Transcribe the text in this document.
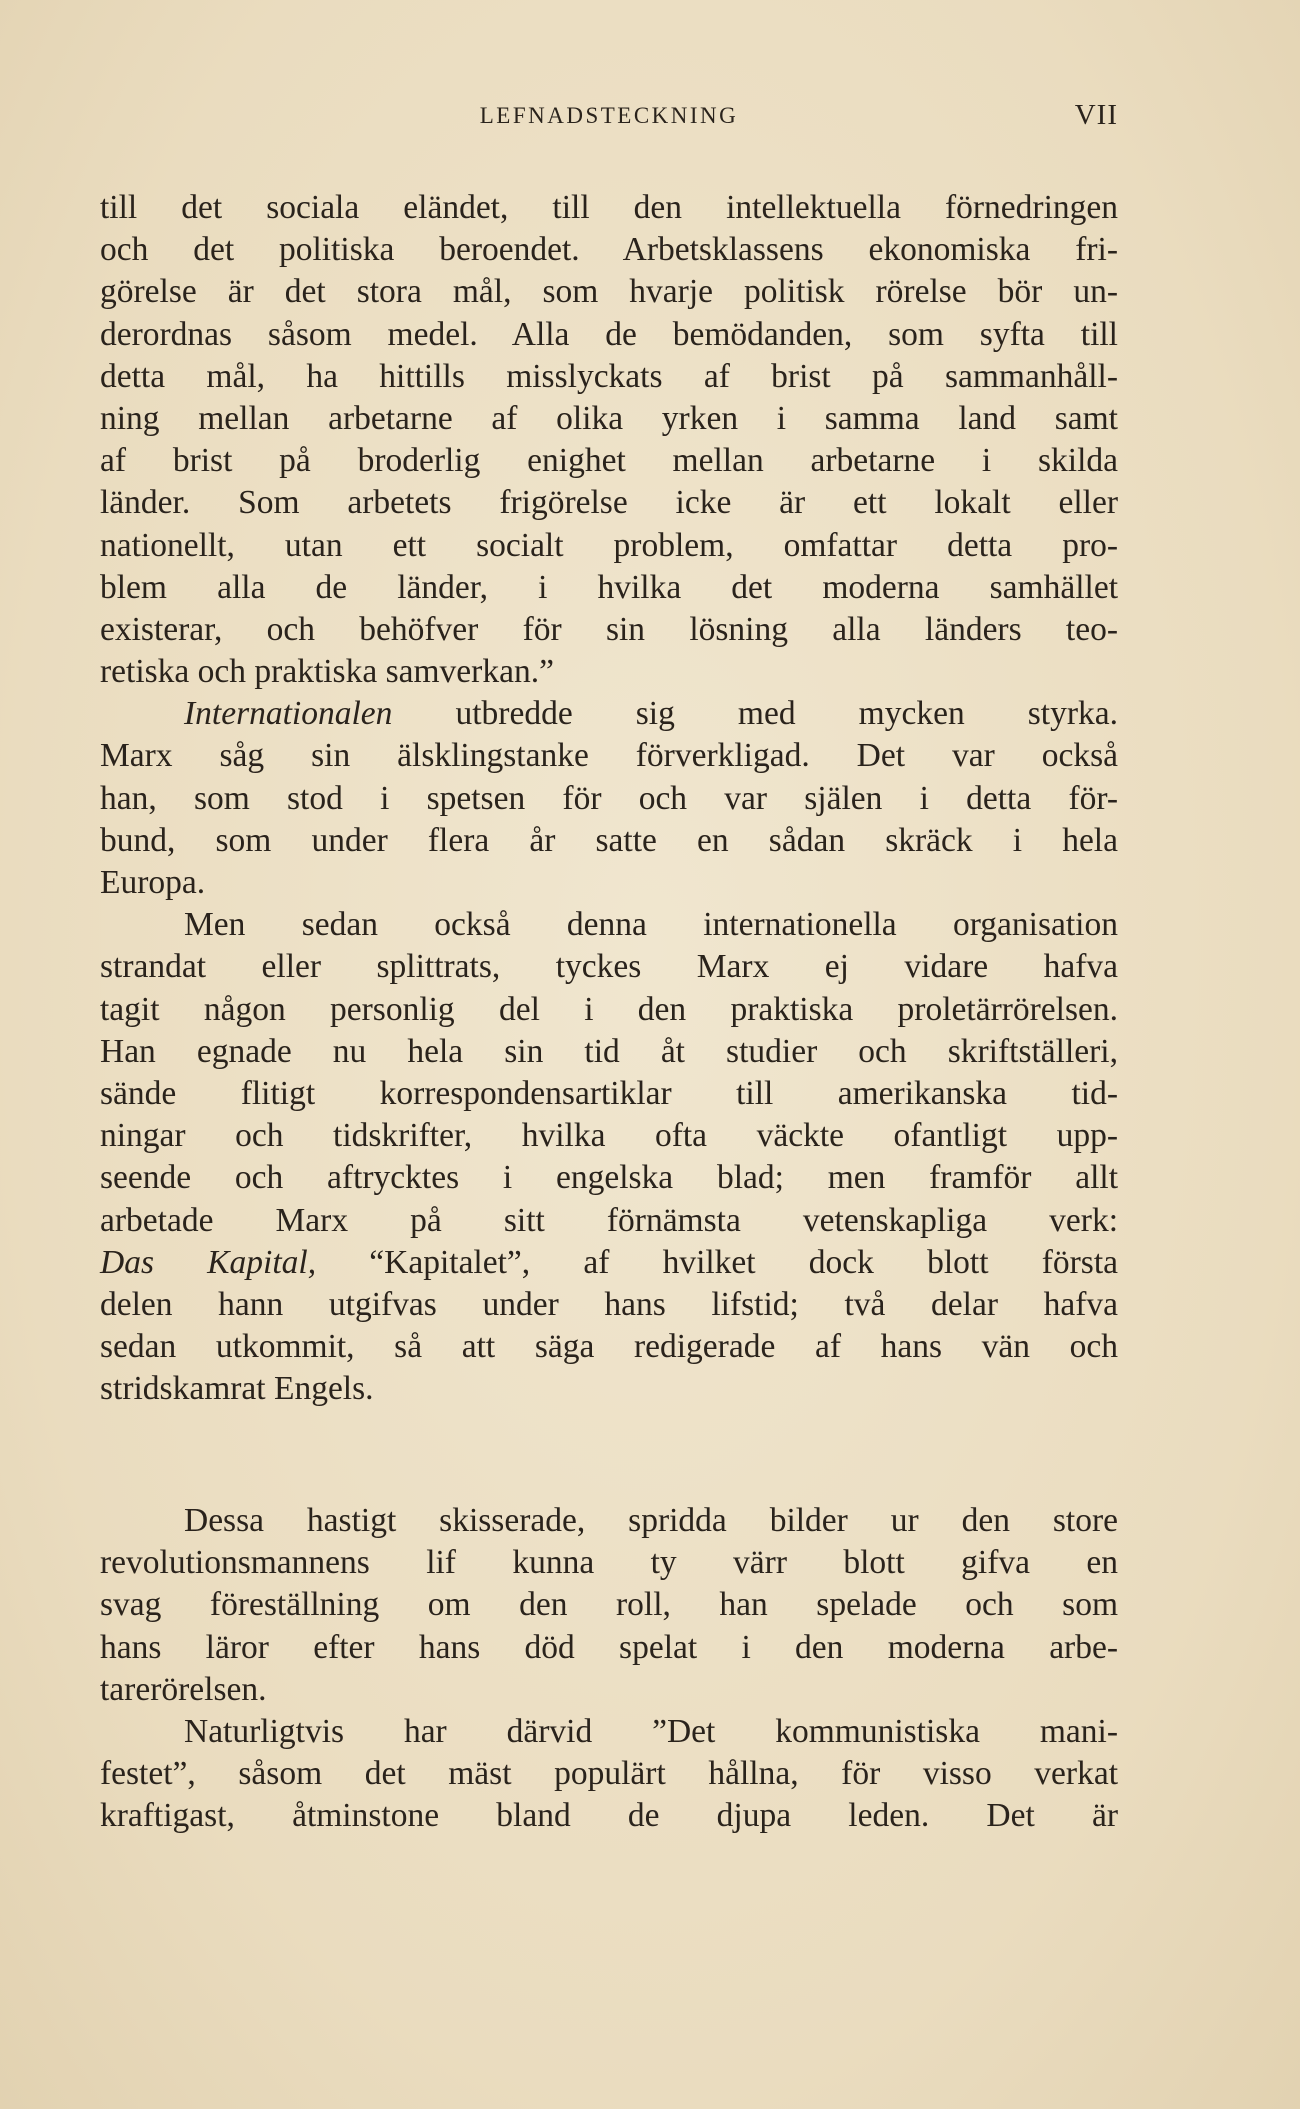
LEFNADSTECKNING	VII
till det sociala eländet, till den intellektuella förnedringen
och det politiska beroendet. Arbetsklassens ekonomiska fri-
görelse är det stora mål, som hvarje politisk rörelse bör un-
derordnas såsom medel. Alla de bemödanden, som syfta till
detta mål, ha hittills misslyckats af brist på sammanhåll-
ning mellan arbetarne af olika yrken i samma land samt
af brist på broderlig enighet mellan arbetarne i skilda
länder. Som arbetets frigörelse icke är ett lokalt eller
nationellt, utan ett socialt problem, omfattar detta pro-
blem alla de länder, i hvilka det moderna samhället
existerar, och behöfver för sin lösning alla länders teo-
retiska och praktiska samverkan.”
Internationalen utbredde sig med mycken styrka.
Marx såg sin älsklingstanke förverkligad. Det var också
han, som stod i spetsen för och var själen i detta för-
bund, som under flera år satte en sådan skräck i hela
Europa.
Men sedan också denna internationella organisation
strandat eller splittrats, tyckes Marx ej vidare hafva
tagit någon personlig del i den praktiska proletärrörelsen.
Han egnade nu hela sin tid åt studier och skriftställeri,
sände flitigt korrespondensartiklar till amerikanska tid-
ningar och tidskrifter, hvilka ofta väckte ofantligt upp-
seende och aftrycktes i engelska blad; men framför allt
arbetade Marx på sitt förnämsta vetenskapliga verk:
Das Kapital, “Kapitalet”, af hvilket dock blott första
delen hann utgifvas under hans lifstid; två delar hafva
sedan utkommit, så att säga redigerade af hans vän och
stridskamrat Engels.
Dessa hastigt skisserade, spridda bilder ur den store
revolutionsmannens lif kunna ty värr blott gifva en
svag föreställning om den roll, han spelade och som
hans läror efter hans död spelat i den moderna arbe-
tarerörelsen.
Naturligtvis har därvid ”Det kommunistiska mani-
festet”, såsom det mäst populärt hållna, för visso verkat
kraftigast, åtminstone bland de djupa leden. Det är
